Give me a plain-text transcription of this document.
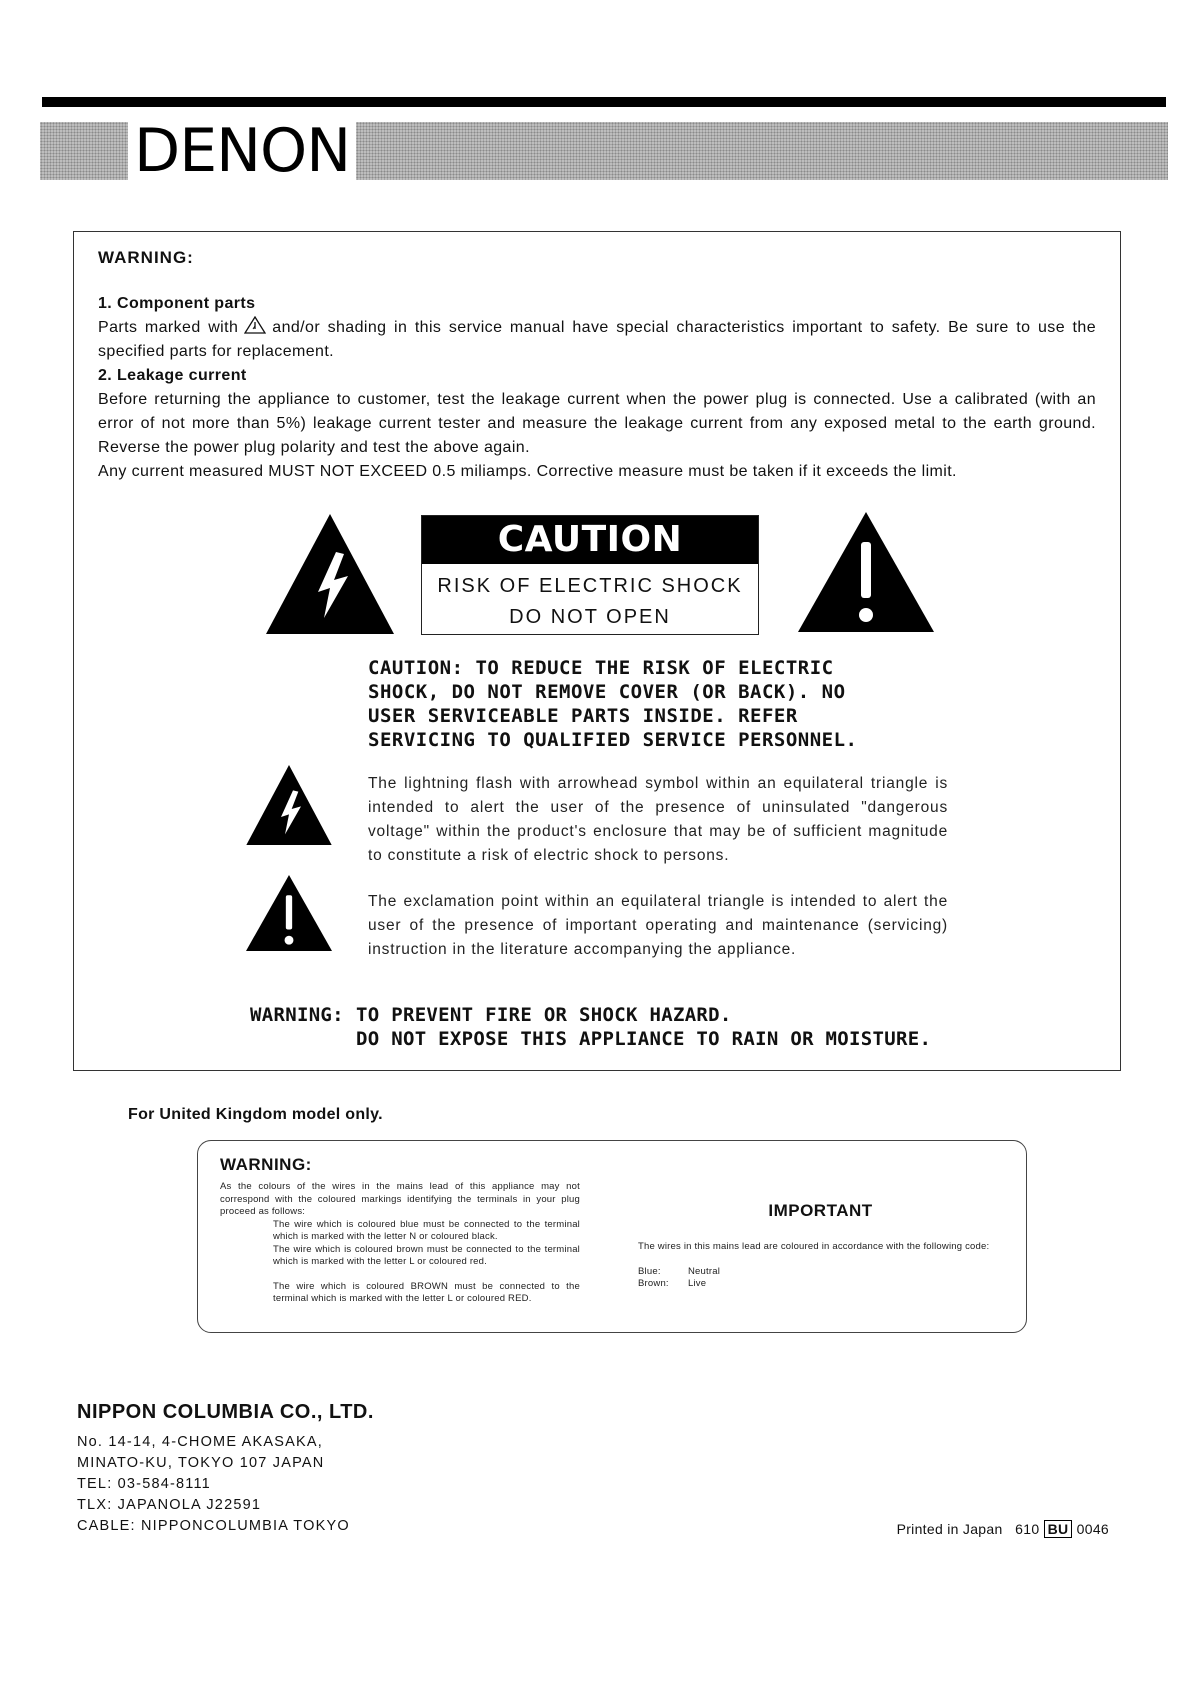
DENON
WARNING:
1. Component parts

Parts marked with and/or shading in this service manual have special characteristics important to safety. Be sure to use the specified parts for replacement.

2. Leakage current

Before returning the appliance to customer, test the leakage current when the power plug is connected. Use a calibrated (with an error of not more than 5%) leakage current tester and measure the leakage current from any exposed metal to the earth ground. Reverse the power plug polarity and test the above again.

Any current measured MUST NOT EXCEED 0.5 miliamps. Corrective measure must be taken if it exceeds the limit.

CAUTION
RISK OF ELECTRIC SHOCK
DO NOT OPEN
CAUTION: TO REDUCE THE RISK OF ELECTRIC SHOCK, DO NOT REMOVE COVER (OR BACK). NO USER SERVICEABLE PARTS INSIDE. REFER SERVICING TO QUALIFIED SERVICE PERSONNEL.
The lightning flash with arrowhead symbol within an equilateral triangle is intended to alert the user of the presence of uninsulated "dangerous voltage" within the product's enclosure that may be of sufficient magnitude to constitute a risk of electric shock to persons.
The exclamation point within an equilateral triangle is intended to alert the user of the presence of important operating and maintenance (servicing) instruction in the literature accompanying the appliance.
WARNING: TO PREVENT FIRE OR SHOCK HAZARD.
DO NOT EXPOSE THIS APPLIANCE TO RAIN OR MOISTURE.
For United Kingdom model only.
WARNING:

As the colours of the wires in the mains lead of this appliance may not correspond with the coloured markings identifying the terminals in your plug proceed as follows:

The wire which is coloured blue must be connected to the terminal which is marked with the letter N or coloured black.

The wire which is coloured brown must be connected to the terminal which is marked with the letter L or coloured red.

The wire which is coloured BROWN must be connected to the terminal which is marked with the letter L or coloured RED.

IMPORTANT

The wires in this mains lead are coloured in accordance with the following code:

Blue:	Neutral
Brown:	Live
NIPPON COLUMBIA CO., LTD.
No. 14-14, 4-CHOME AKASAKA,
MINATO-KU, TOKYO 107 JAPAN
TEL: 03-584-8111
TLX: JAPANOLA J22591
CABLE: NIPPONCOLUMBIA TOKYO	Printed in Japan 610 BU 0046
